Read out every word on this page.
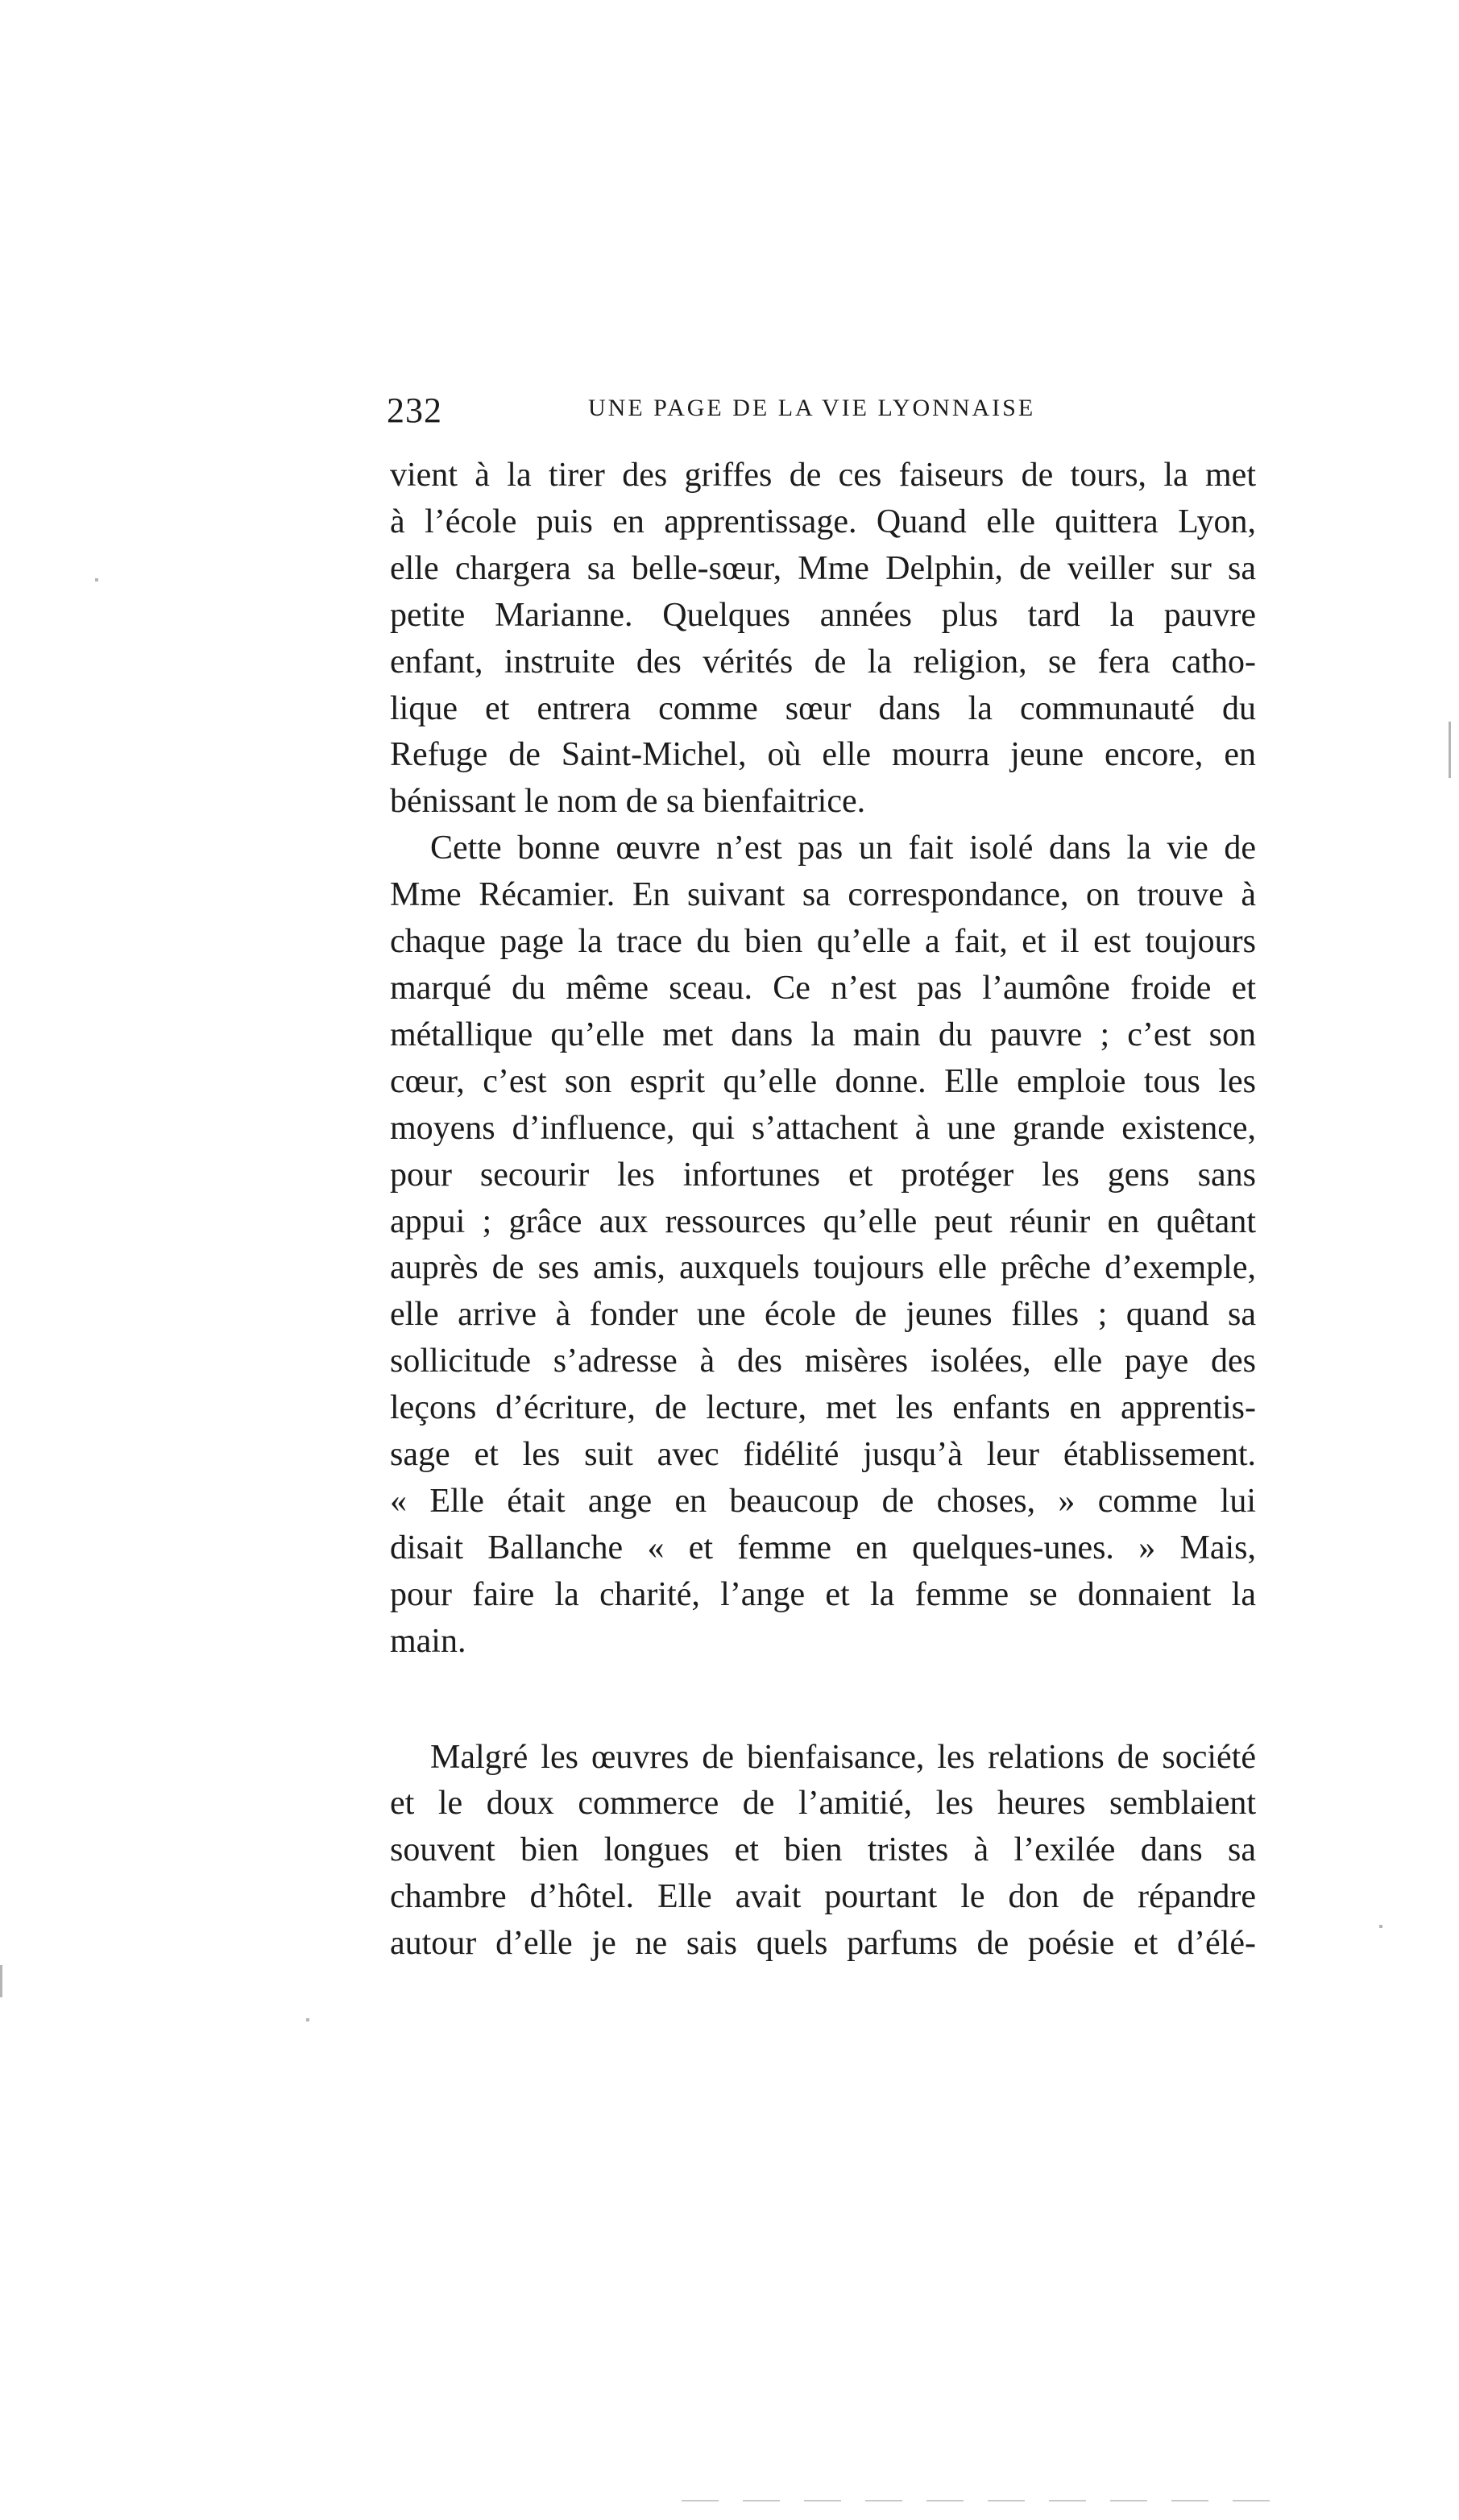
232	UNE PAGE DE LA VIE LYONNAISE

vient à la tirer des griffes de ces faiseurs de tours, la met
à l’école puis en apprentissage. Quand elle quittera Lyon,
elle chargera sa belle-sœur, Mme Delphin, de veiller sur sa
petite Marianne. Quelques années plus tard la pauvre
enfant, instruite des vérités de la religion, se fera catho-
lique et entrera comme sœur dans la communauté du
Refuge de Saint-Michel, où elle mourra jeune encore, en
bénissant le nom de sa bienfaitrice.

Cette bonne œuvre n’est pas un fait isolé dans la vie de
Mme Récamier. En suivant sa correspondance, on trouve à
chaque page la trace du bien qu’elle a fait, et il est toujours
marqué du même sceau. Ce n’est pas l’aumône froide et
métallique qu’elle met dans la main du pauvre ; c’est son
cœur, c’est son esprit qu’elle donne. Elle emploie tous les
moyens d’influence, qui s’attachent à une grande existence,
pour secourir les infortunes et protéger les gens sans
appui ; grâce aux ressources qu’elle peut réunir en quêtant
auprès de ses amis, auxquels toujours elle prêche d’exemple,
elle arrive à fonder une école de jeunes filles ; quand sa
sollicitude s’adresse à des misères isolées, elle paye des
leçons d’écriture, de lecture, met les enfants en apprentis-
sage et les suit avec fidélité jusqu’à leur établissement.
« Elle était ange en beaucoup de choses, » comme lui
disait Ballanche « et femme en quelques-unes. » Mais,
pour faire la charité, l’ange et la femme se donnaient la
main.

Malgré les œuvres de bienfaisance, les relations de société
et le doux commerce de l’amitié, les heures semblaient
souvent bien longues et bien tristes à l’exilée dans sa
chambre d’hôtel. Elle avait pourtant le don de répandre
autour d’elle je ne sais quels parfums de poésie et d’élé-
